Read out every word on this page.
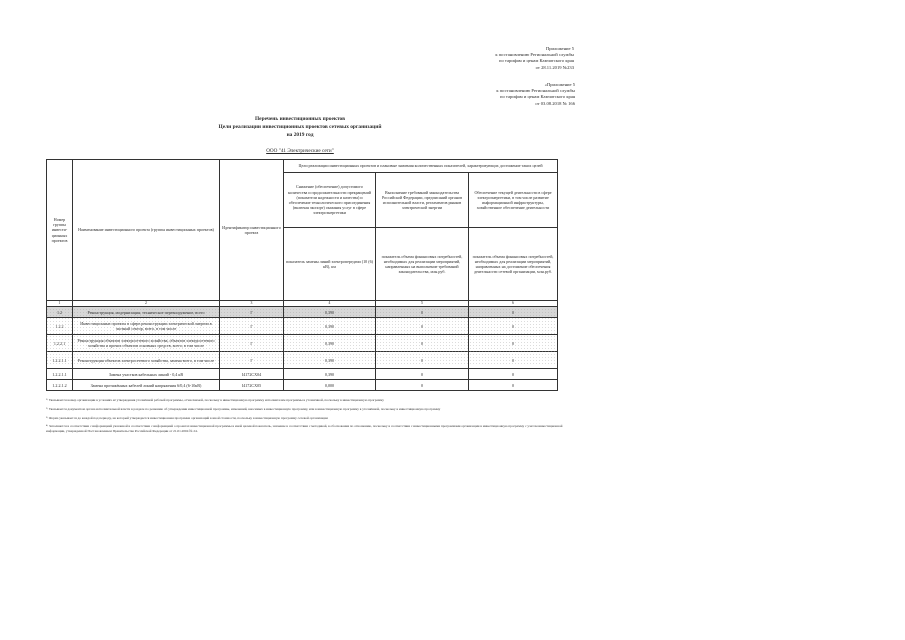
Приложение 5
к постановлению Региональной службы
по тарифам и ценам Камчатского края
от 28.11.2019 №233
«Приложение 5
к постановлению Региональной службы
по тарифам и ценам Камчатского края
от 03.08.2018 № 166
Перечень инвестиционных проектов
Цели реализации инвестиционных проектов сетевых организаций
на 2019 год
ООО "41 Электрические сети"
Номер группы инвести-ционных проектов	Наименование инвестиционного проекта (группы инвестиционных проектов)	Идентификатор инвестиционного проекта	Цели реализации инвестиционных проектов и плановые значения количественных показателей, характеризующих достижение таких целей		
			Снижение (обеспечение) допустимого количества и продолжительности прекращений (показатели надежности и качества) и обеспечение технологического присоединения (включая экспорт) оказания услуг в сфере электроэнергетики	Выполнение требований законодательства Российской Федерации, предписаний органов исполнительной власти, регламентов рынков электрической энергии	Обеспечение текущей деятельности в сфере электроэнергетики, в том числе развитие информационной инфраструктуры, хозяйственное обеспечение деятельности
			показатель замены линий электропередачи (10 (6) кВ), км	показатель объема финансовых потребностей, необходимых для реализации мероприятий, направленных на выполнение требований законодательства, млн.руб.	показатель объема финансовых потребностей, необходимых для реализации мероприятий, направленных на достижение обеспечения деятельности сетевой организации, млн.руб.
1	2	3	4	5	6
1.2	Реконструкция, модернизация, техническое перевооружение, всего	Г	0,390	0	0
1.2.2	Инвестиционные проекты в сфере реконструкции электрической энергии в частный сектор, всего, в том числе	Г	0,390	0	0
1.2.2.1	Реконструкция объектов электросетевого хозяйства, объектов электросетевого хозяйства и прочих объектов основных средств, всего, в том числе	Г	0,390	0	0
1.2.2.1.1	Реконструкция объектов электросетевого хозяйства, замена всего, в том числе	Г	0,390	0	0
1.2.2.1.1	Замена участков кабельных линий - 0,4 кВ	I4172CX04	0,390	0	0
1.2.2.1.2	Замена протяжённых кабелей линий напряжения 6/0,4 (6-10кВ)	I4172CX05	0,000	0	0
¹⁾ Указывается номер организации в условиях её утверждения уточнённой рабочей программы, отчисляемой, поскольку в инвестиционную программу исполнителем программы в уточнённой, поскольку в инвестиционную программу
²⁾ Указывается документом органа исполнительной власти в разделе по решению об утверждении инвестиционной программы, изменений, вносимых в инвестиционную программу, или в инвестиционную программу в уточнённой, поскольку в инвестиционную программу
³⁾ Форма указывается до каждой под периоду, на который утверждается инвестиционная программа организаций в иной стоимости, поскольку в инвестиционную программу сетевой организации
⁴⁾ Заполняется в соответствии с информацией указанной в соответствии с информацией о проектах инвестиционной программы в иной целевой показатель, значение в соответствии с методикой, в обоснования по отношению, поскольку в соответствии с инвестиционными программами организации в инвестиционную программу с учетом инвестиционной информации, утвержденной Постановлением Правительства Российской Федерации от 21.01.2004 № 24.
